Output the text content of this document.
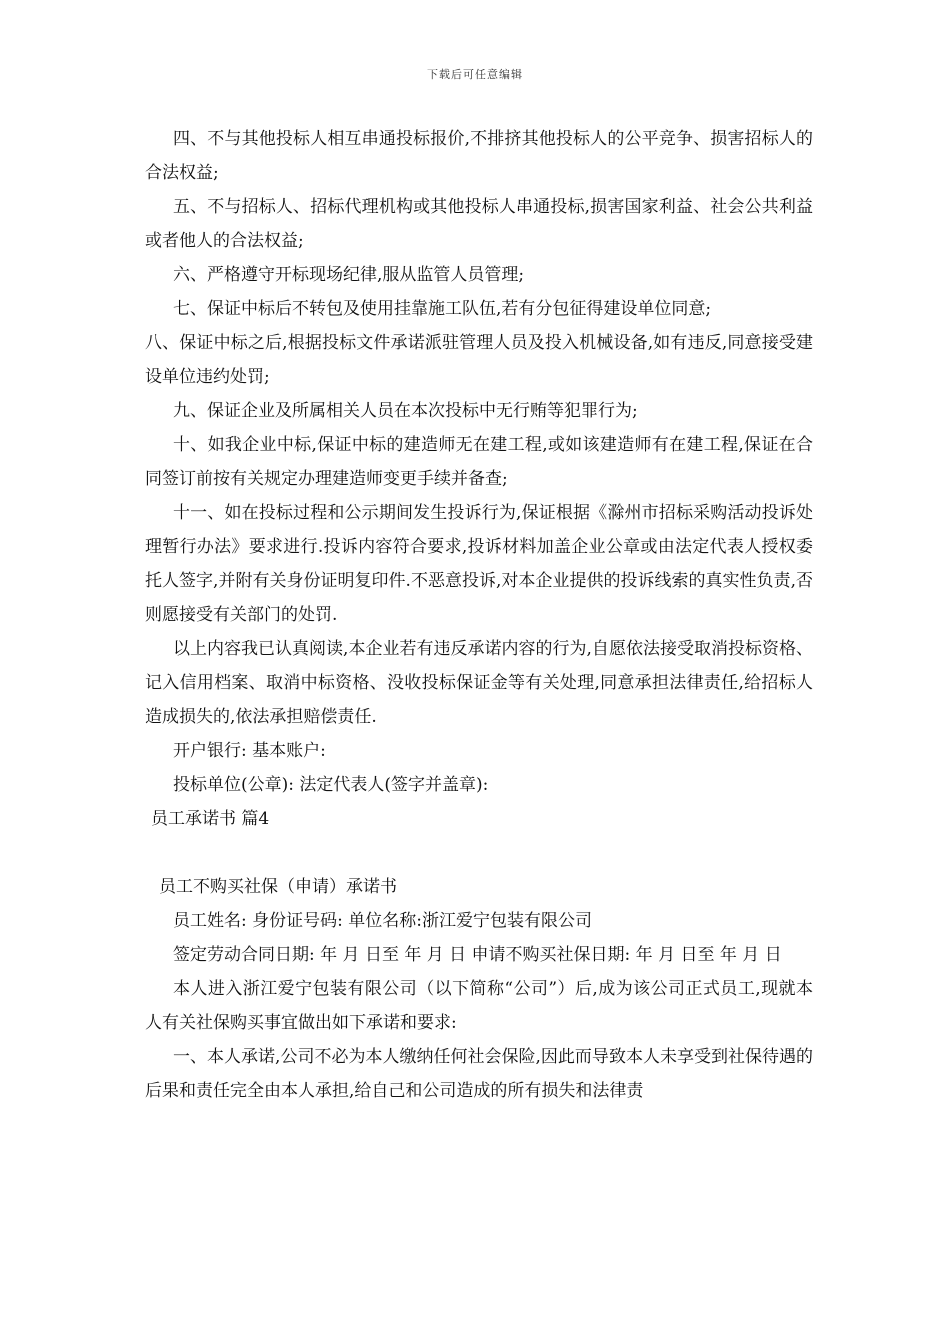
下载后可任意编辑

四、不与其他投标人相互串通投标报价,不排挤其他投标人的公平竞争、损害招标人的合法权益;

五、不与招标人、招标代理机构或其他投标人串通投标,损害国家利益、社会公共利益或者他人的合法权益;

六、严格遵守开标现场纪律,服从监管人员管理;

七、保证中标后不转包及使用挂靠施工队伍,若有分包征得建设单位同意;

八、保证中标之后,根据投标文件承诺派驻管理人员及投入机械设备,如有违反,同意接受建设单位违约处罚;

九、保证企业及所属相关人员在本次投标中无行贿等犯罪行为;

十、如我企业中标,保证中标的建造师无在建工程,或如该建造师有在建工程,保证在合同签订前按有关规定办理建造师变更手续并备查;

十一、如在投标过程和公示期间发生投诉行为,保证根据《滁州市招标采购活动投诉处理暂行办法》要求进行.投诉内容符合要求,投诉材料加盖企业公章或由法定代表人授权委托人签字,并附有关身份证明复印件.不恶意投诉,对本企业提供的投诉线索的真实性负责,否则愿接受有关部门的处罚.

以上内容我已认真阅读,本企业若有违反承诺内容的行为,自愿依法接受取消投标资格、记入信用档案、取消中标资格、没收投标保证金等有关处理,同意承担法律责任,给招标人造成损失的,依法承担赔偿责任.

开户银行: 基本账户:

投标单位(公章): 法定代表人(签字并盖章):

员工承诺书 篇4

员工不购买社保（申请）承诺书

员工姓名: 身份证号码: 单位名称:浙江爱宁包装有限公司

签定劳动合同日期: 年 月 日至 年 月 日 申请不购买社保日期: 年 月 日至 年 月 日

本人进入浙江爱宁包装有限公司（以下简称“公司”）后,成为该公司正式员工,现就本人有关社保购买事宜做出如下承诺和要求:

一、本人承诺,公司不必为本人缴纳任何社会保险,因此而导致本人未享受到社保待遇的后果和责任完全由本人承担,给自己和公司造成的所有损失和法律责
